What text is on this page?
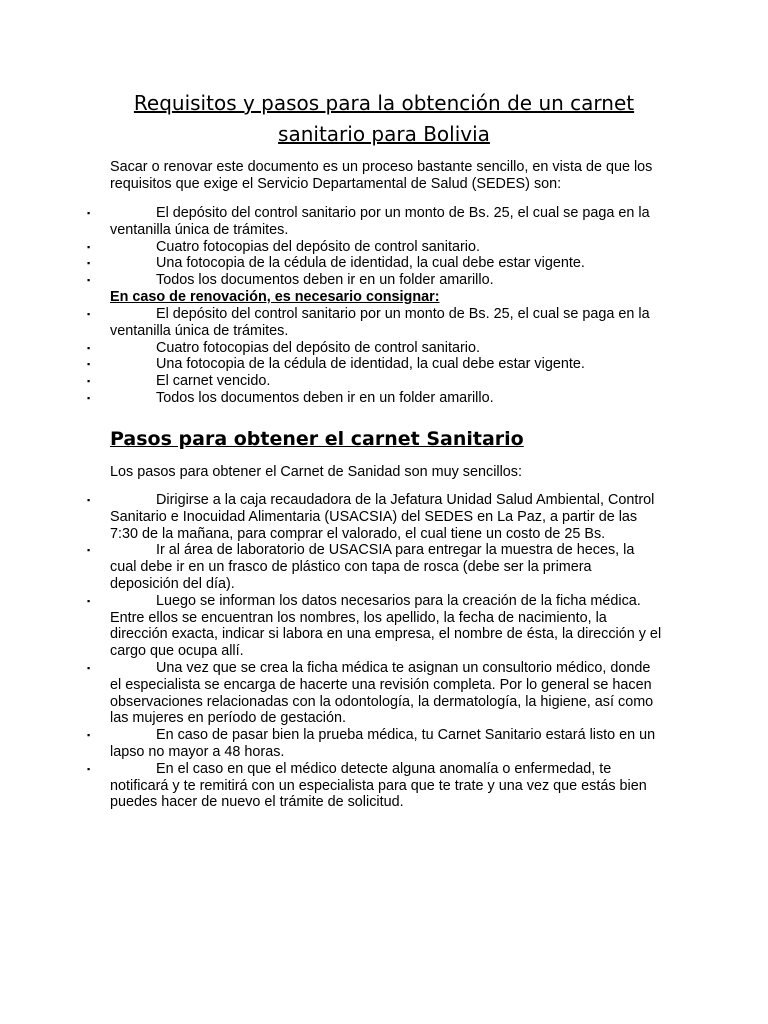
Requisitos y pasos para la obtención de un carnet
sanitario para Bolivia

Sacar o renovar este documento es un proceso bastante sencillo, en vista de que los requisitos que exige el Servicio Departamental de Salud (SEDES) son:

▪ El depósito del control sanitario por un monto de Bs. 25, el cual se paga en la ventanilla única de trámites.
▪ Cuatro fotocopias del depósito de control sanitario.
▪ Una fotocopia de la cédula de identidad, la cual debe estar vigente.
▪ Todos los documentos deben ir en un folder amarillo.

En caso de renovación, es necesario consignar:

▪ El depósito del control sanitario por un monto de Bs. 25, el cual se paga en la ventanilla única de trámites.
▪ Cuatro fotocopias del depósito de control sanitario.
▪ Una fotocopia de la cédula de identidad, la cual debe estar vigente.
▪ El carnet vencido.
▪ Todos los documentos deben ir en un folder amarillo.
Pasos para obtener el carnet Sanitario

Los pasos para obtener el Carnet de Sanidad son muy sencillos:

▪ Dirigirse a la caja recaudadora de la Jefatura Unidad Salud Ambiental, Control Sanitario e Inocuidad Alimentaria (USACSIA) del SEDES en La Paz, a partir de las 7:30 de la mañana, para comprar el valorado, el cual tiene un costo de 25 Bs.
▪ Ir al área de laboratorio de USACSIA para entregar la muestra de heces, la cual debe ir en un frasco de plástico con tapa de rosca (debe ser la primera deposición del día).
▪ Luego se informan los datos necesarios para la creación de la ficha médica. Entre ellos se encuentran los nombres, los apellido, la fecha de nacimiento, la dirección exacta, indicar si labora en una empresa, el nombre de ésta, la dirección y el cargo que ocupa allí.
▪ Una vez que se crea la ficha médica te asignan un consultorio médico, donde el especialista se encarga de hacerte una revisión completa. Por lo general se hacen observaciones relacionadas con la odontología, la dermatología, la higiene, así como las mujeres en período de gestación.
▪ En caso de pasar bien la prueba médica, tu Carnet Sanitario estará listo en un lapso no mayor a 48 horas.
▪ En el caso en que el médico detecte alguna anomalía o enfermedad, te notificará y te remitirá con un especialista para que te trate y una vez que estás bien puedes hacer de nuevo el trámite de solicitud.
